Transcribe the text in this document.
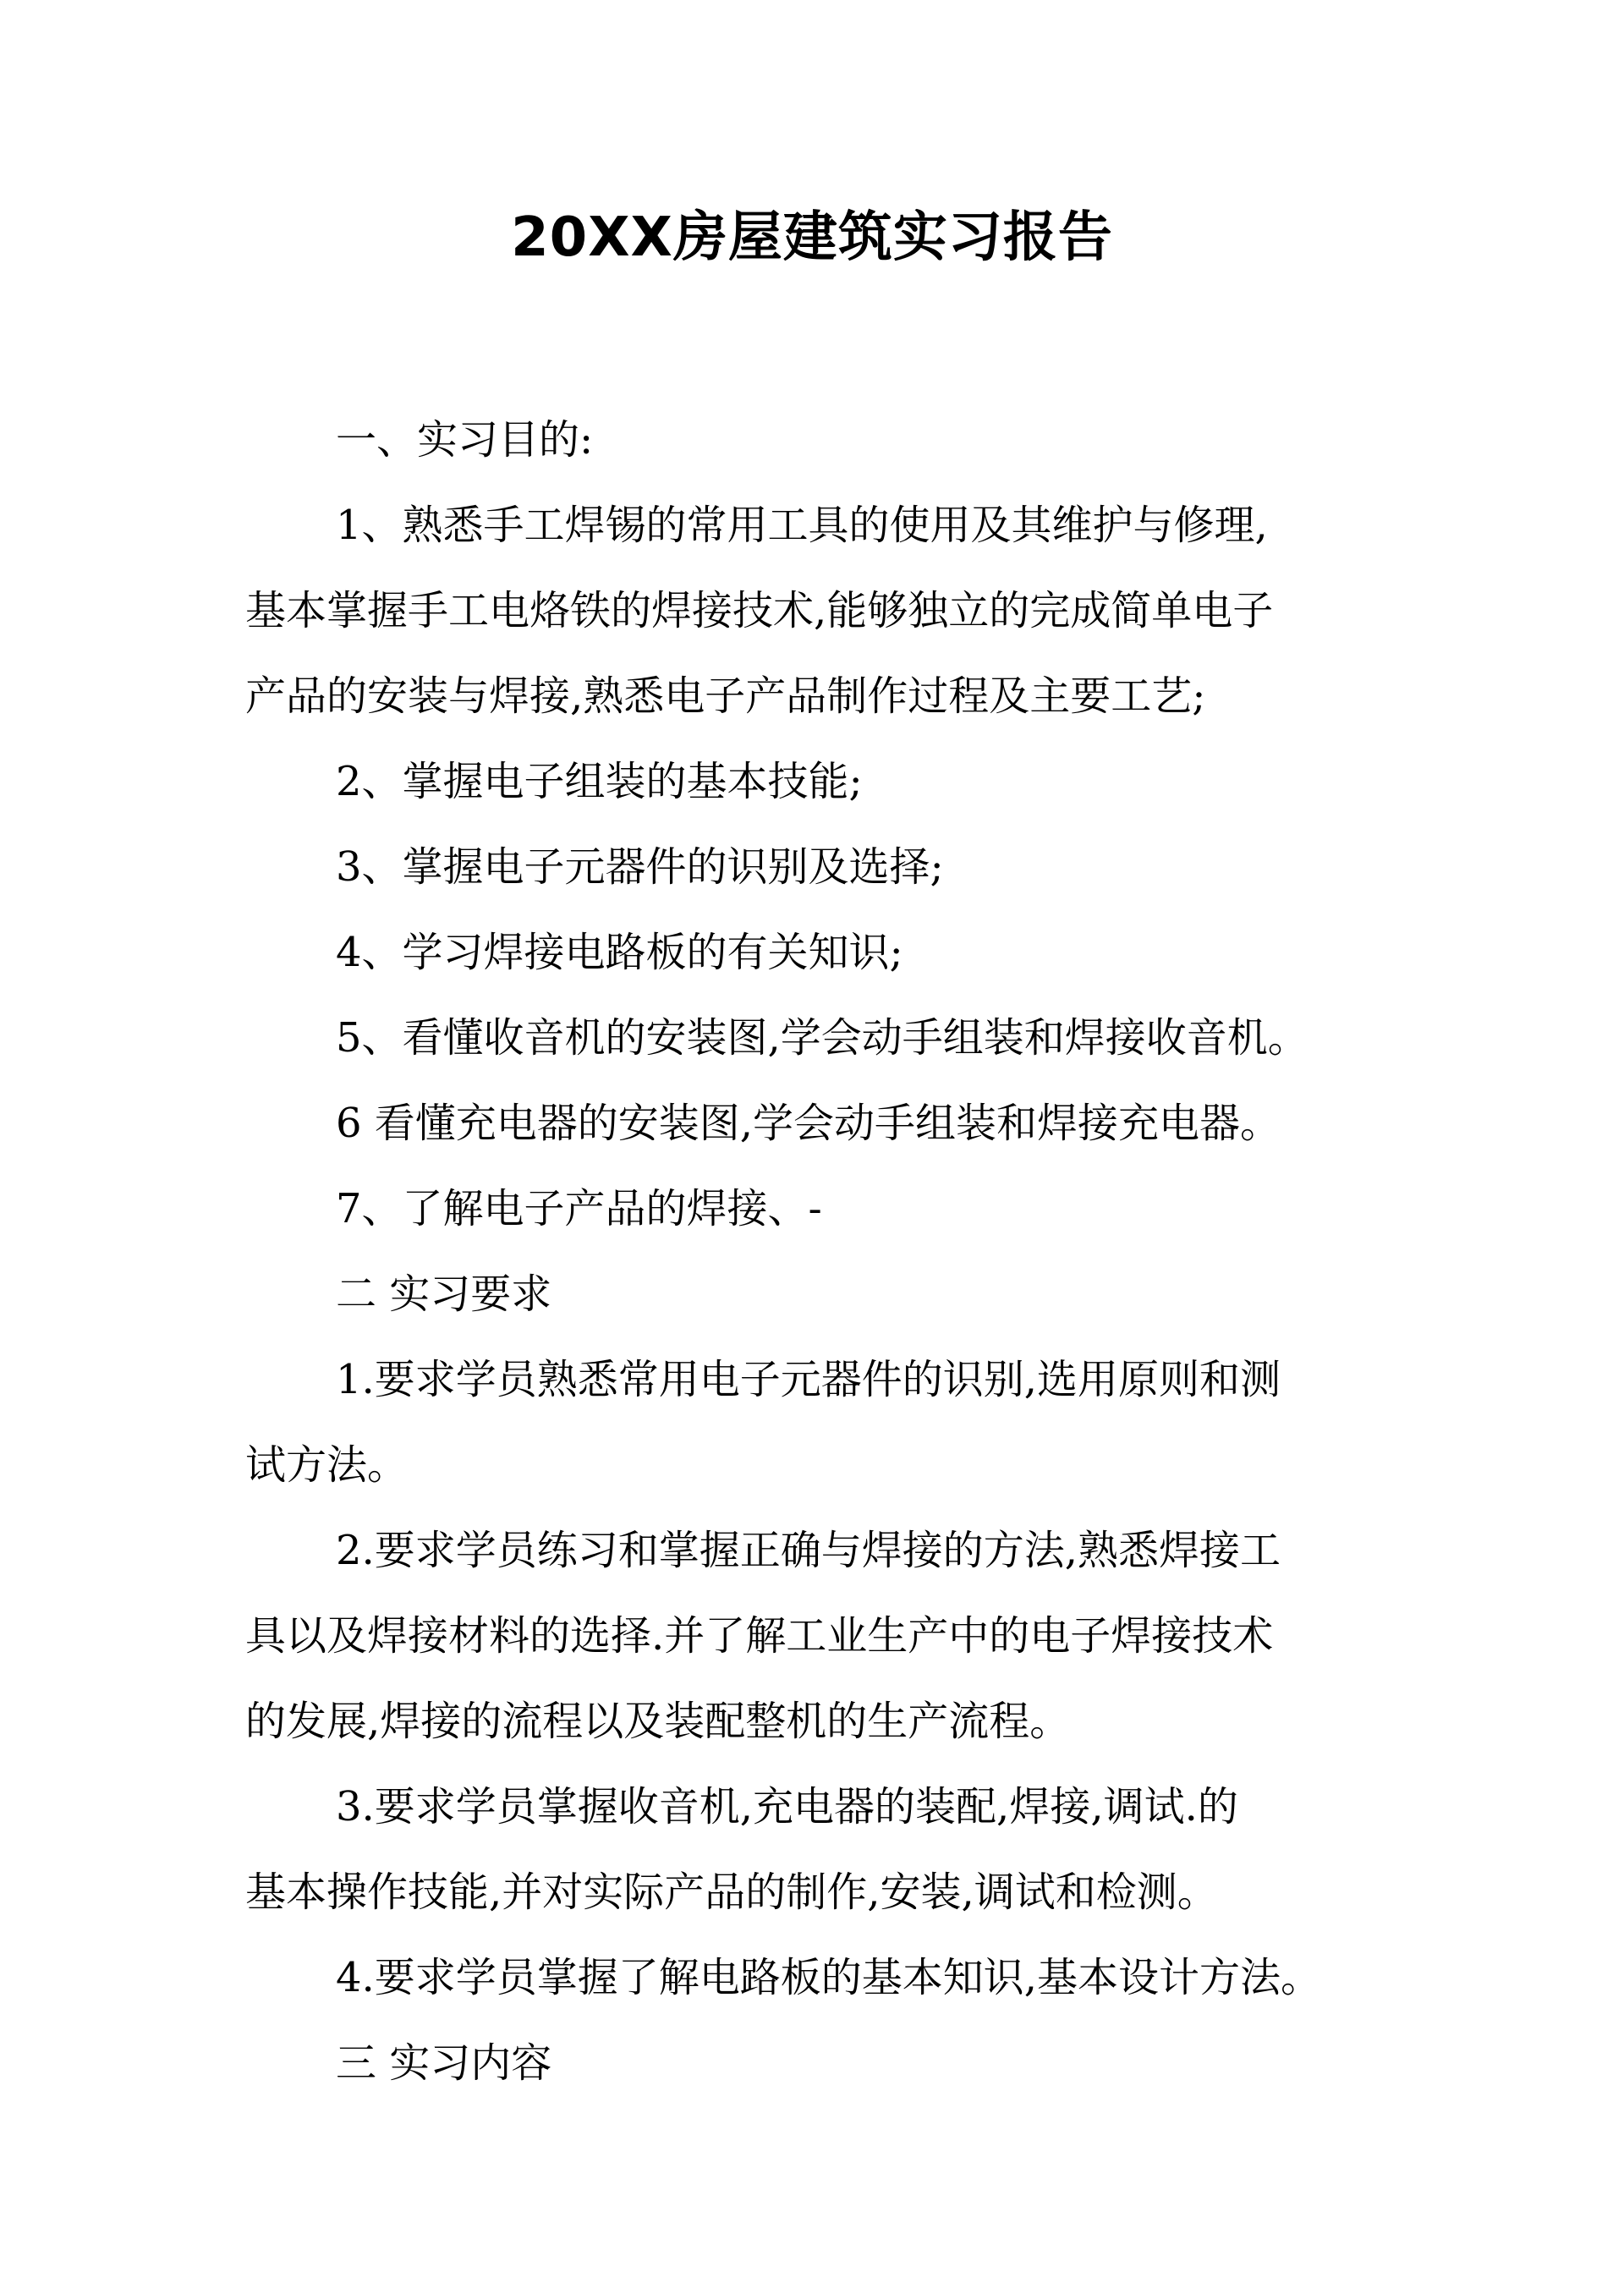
20XX房屋建筑实习报告

一、实习目的:

1、熟悉手工焊锡的常用工具的使用及其维护与修理,

基本掌握手工电烙铁的焊接技术,能够独立的完成简单电子

产品的安装与焊接,熟悉电子产品制作过程及主要工艺;

2、掌握电子组装的基本技能;

3、掌握电子元器件的识别及选择;

4、学习焊接电路板的有关知识;

5、看懂收音机的安装图,学会动手组装和焊接收音机。

6 看懂充电器的安装图,学会动手组装和焊接充电器。

7、了解电子产品的焊接、-

二 实习要求

1.要求学员熟悉常用电子元器件的识别,选用原则和测

试方法。

2.要求学员练习和掌握正确与焊接的方法,熟悉焊接工

具以及焊接材料的选择.并了解工业生产中的电子焊接技术

的发展,焊接的流程以及装配整机的生产流程。

3.要求学员掌握收音机,充电器的装配,焊接,调试.的

基本操作技能,并对实际产品的制作,安装,调试和检测。

4.要求学员掌握了解电路板的基本知识,基本设计方法。

三 实习内容
